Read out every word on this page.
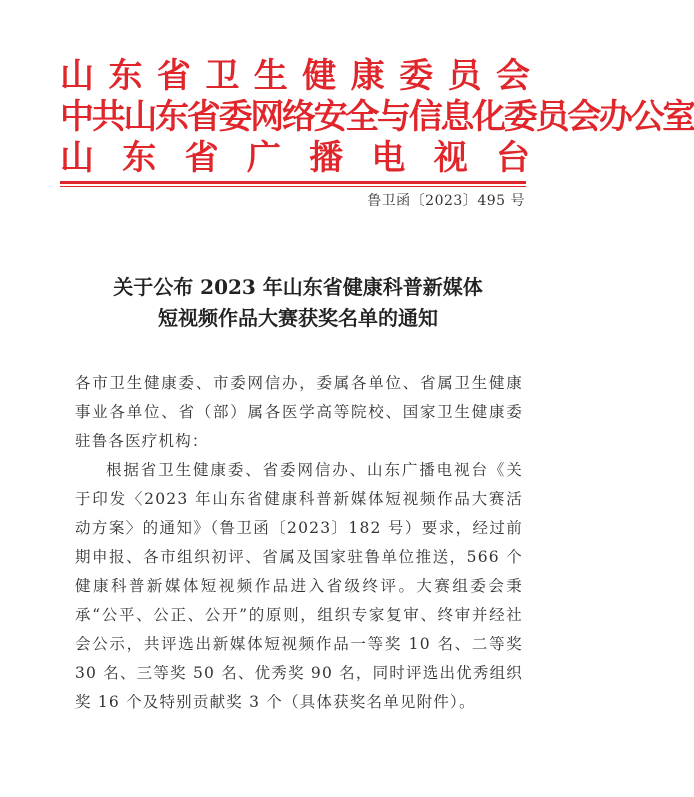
山 东 省 卫 生 健 康 委 员 会
中共山东省委网络安全与信息化委员会办公室
山 东 省 广 播 电 视 台
鲁卫函〔2023〕495 号
关于公布 2023 年山东省健康科普新媒体
短视频作品大赛获奖名单的通知

各市卫生健康委、市委网信办，委属各单位、省属卫生健康事业各单位、省（部）属各医学高等院校、国家卫生健康委驻鲁各医疗机构：

根据省卫生健康委、省委网信办、山东广播电视台《关于印发〈2023 年山东省健康科普新媒体短视频作品大赛活动方案〉的通知》（鲁卫函〔2023〕182 号）要求，经过前期申报、各市组织初评、省属及国家驻鲁单位推送，566 个健康科普新媒体短视频作品进入省级终评。大赛组委会秉承“公平、公正、公开”的原则，组织专家复审、终审并经社会公示，共评选出新媒体短视频作品一等奖 10 名、二等奖 30 名、三等奖 50 名、优秀奖 90 名，同时评选出优秀组织奖 16 个及特别贡献奖 3 个（具体获奖名单见附件）。
